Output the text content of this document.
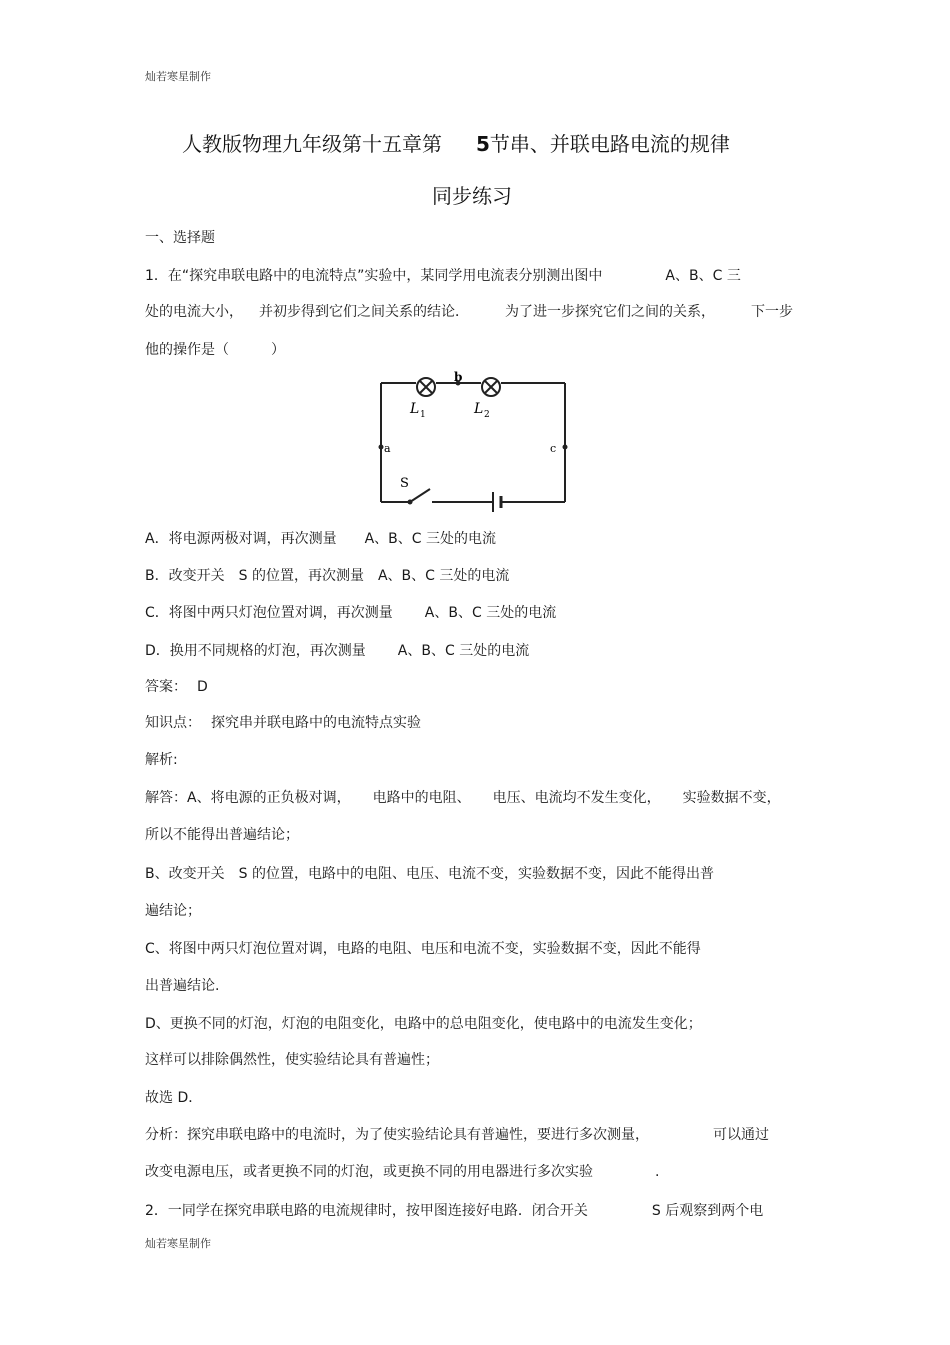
灿若寒星制作
人教版物理九年级第十五章第 5节串、并联电路电流的规律
同步练习
一、选择题
1．在“探究串联电路中的电流特点”实验中，某同学用电流表分别测出图中	A、B、C 三
处的电流大小， 并初步得到它们之间关系的结论．	为了进一步探究它们之间的关系，	下一步
他的操作是（　　　）
b
a	c
S
L 1	L 2
A．将电源两极对调，再次测量 A、B、C 三处的电流
B．改变开关 S 的位置，再次测量 A、B、C 三处的电流
C．将图中两只灯泡位置对调，再次测量 A、B、C 三处的电流
D．换用不同规格的灯泡，再次测量 A、B、C 三处的电流
答案： D
知识点： 探究串并联电路中的电流特点实验
解析:
解答：A、将电源的正负极对调， 电路中的电阻、 电压、电流均不发生变化， 实验数据不变，
所以不能得出普遍结论；
B、改变开关 S 的位置，电路中的电阻、电压、电流不变，实验数据不变，因此不能得出普
遍结论；
C、将图中两只灯泡位置对调，电路的电阻、电压和电流不变，实验数据不变，因此不能得
出普遍结论.
D、更换不同的灯泡，灯泡的电阻变化，电路中的总电阻变化，使电路中的电流发生变化；
这样可以排除偶然性，使实验结论具有普遍性；
故选 D．
分析：探究串联电路中的电流时，为了使实验结论具有普遍性，要进行多次测量，	可以通过
改变电源电压，或者更换不同的灯泡，或更换不同的用电器进行多次实验	.
2．一同学在探究串联电路的电流规律时，按甲图连接好电路．闭合开关	S 后观察到两个电
灿若寒星制作
